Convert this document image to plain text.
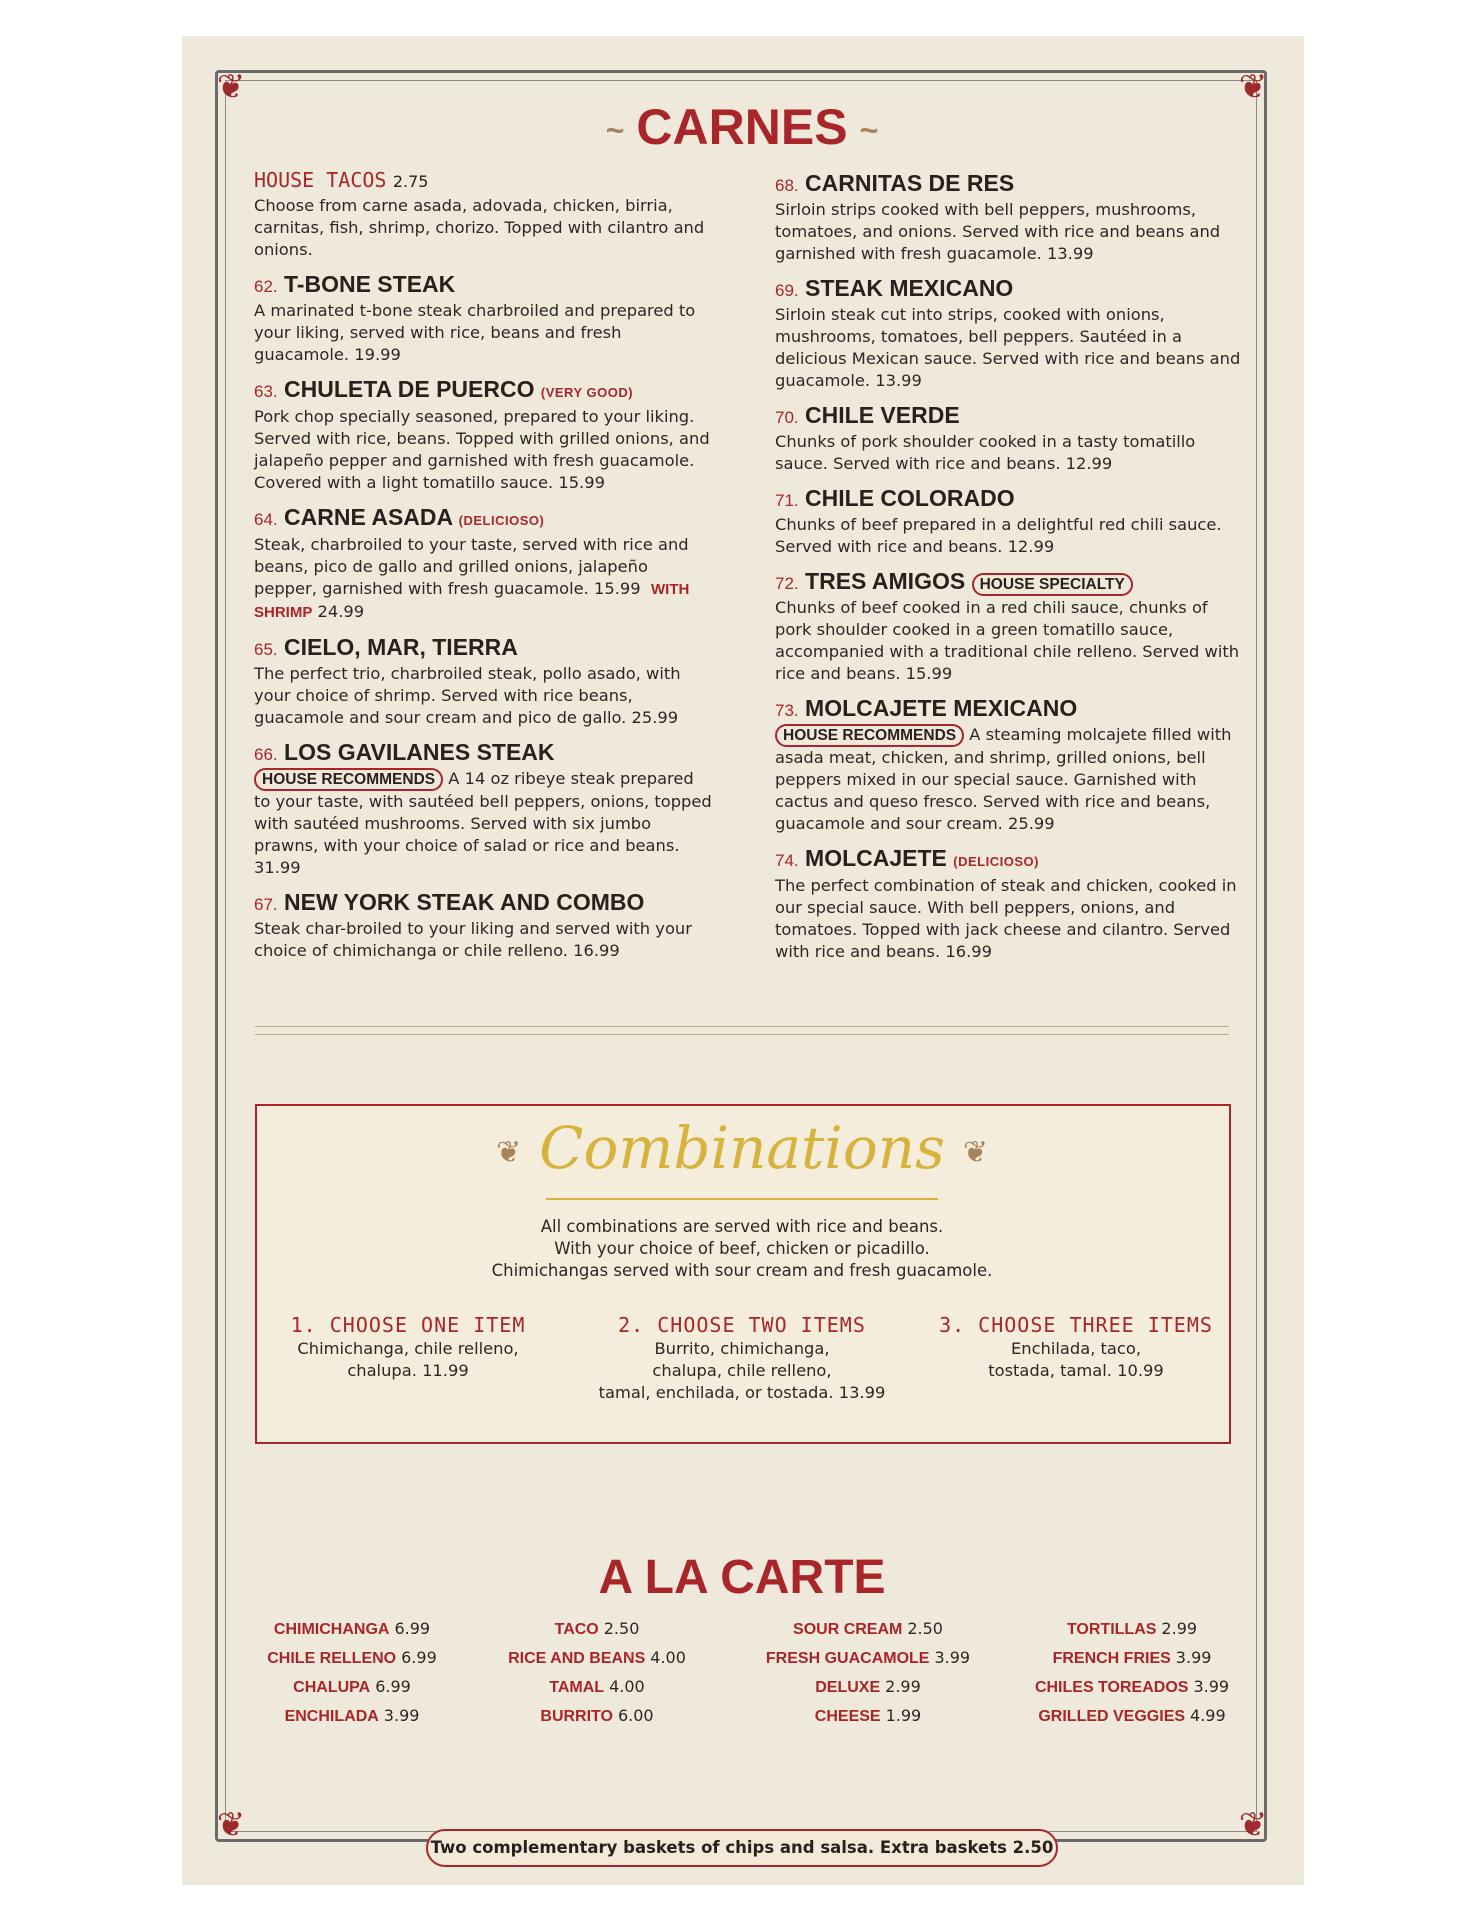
❦	❦
❦	❦
~ CARNES ~
HOUSE TACOS 2.75
Choose from carne asada, adovada, chicken, birria, carnitas, fish, shrimp, chorizo. Topped with cilantro and onions.
62. T-BONE STEAK
A marinated t-bone steak charbroiled and prepared to your liking, served with rice, beans and fresh guacamole. 19.99
63. CHULETA DE PUERCO (VERY GOOD)
Pork chop specially seasoned, prepared to your liking. Served with rice, beans. Topped with grilled onions, and jalapeño pepper and garnished with fresh guacamole. Covered with a light tomatillo sauce. 15.99
64. CARNE ASADA (DELICIOSO)
Steak, charbroiled to your taste, served with rice and beans, pico de gallo and grilled onions, jalapeño pepper, garnished with fresh guacamole. 15.99 WITH SHRIMP 24.99
65. CIELO, MAR, TIERRA
The perfect trio, charbroiled steak, pollo asado, with your choice of shrimp. Served with rice beans, guacamole and sour cream and pico de gallo. 25.99
66. LOS GAVILANES STEAK
HOUSE RECOMMENDS A 14 oz ribeye steak prepared to your taste, with sautéed bell peppers, onions, topped with sautéed mushrooms. Served with six jumbo prawns, with your choice of salad or rice and beans. 31.99
67. NEW YORK STEAK AND COMBO
Steak char-broiled to your liking and served with your choice of chimichanga or chile relleno. 16.99
68. CARNITAS DE RES
Sirloin strips cooked with bell peppers, mushrooms, tomatoes, and onions. Served with rice and beans and garnished with fresh guacamole. 13.99
69. STEAK MEXICANO
Sirloin steak cut into strips, cooked with onions, mushrooms, tomatoes, bell peppers. Sautéed in a delicious Mexican sauce. Served with rice and beans and guacamole. 13.99
70. CHILE VERDE
Chunks of pork shoulder cooked in a tasty tomatillo sauce. Served with rice and beans. 12.99
71. CHILE COLORADO
Chunks of beef prepared in a delightful red chili sauce. Served with rice and beans. 12.99
72. TRES AMIGOS HOUSE SPECIALTY
Chunks of beef cooked in a red chili sauce, chunks of pork shoulder cooked in a green tomatillo sauce, accompanied with a traditional chile relleno. Served with rice and beans. 15.99
73. MOLCAJETE MEXICANO
HOUSE RECOMMENDS A steaming molcajete filled with asada meat, chicken, and shrimp, grilled onions, bell peppers mixed in our special sauce. Garnished with cactus and queso fresco. Served with rice and beans, guacamole and sour cream. 25.99
74. MOLCAJETE (DELICIOSO)
The perfect combination of steak and chicken, cooked in our special sauce. With bell peppers, onions, and tomatoes. Topped with jack cheese and cilantro. Served with rice and beans. 16.99
❦ Combinations ❦
All combinations are served with rice and beans.
With your choice of beef, chicken or picadillo.
Chimichangas served with sour cream and fresh guacamole.
1. CHOOSE ONE ITEM
Chimichanga, chile relleno,
chalupa. 11.99
2. CHOOSE TWO ITEMS
Burrito, chimichanga,
chalupa, chile relleno,
tamal, enchilada, or tostada. 13.99
3. CHOOSE THREE ITEMS
Enchilada, taco,
tostada, tamal. 10.99
A LA CARTE
CHIMICHANGA 6.99
CHILE RELLENO 6.99
CHALUPA 6.99
ENCHILADA 3.99
TACO 2.50
RICE AND BEANS 4.00
TAMAL 4.00
BURRITO 6.00
SOUR CREAM 2.50
FRESH GUACAMOLE 3.99
DELUXE 2.99
CHEESE 1.99
TORTILLAS 2.99
FRENCH FRIES 3.99
CHILES TOREADOS 3.99
GRILLED VEGGIES 4.99
Two complementary baskets of chips and salsa. Extra baskets 2.50
